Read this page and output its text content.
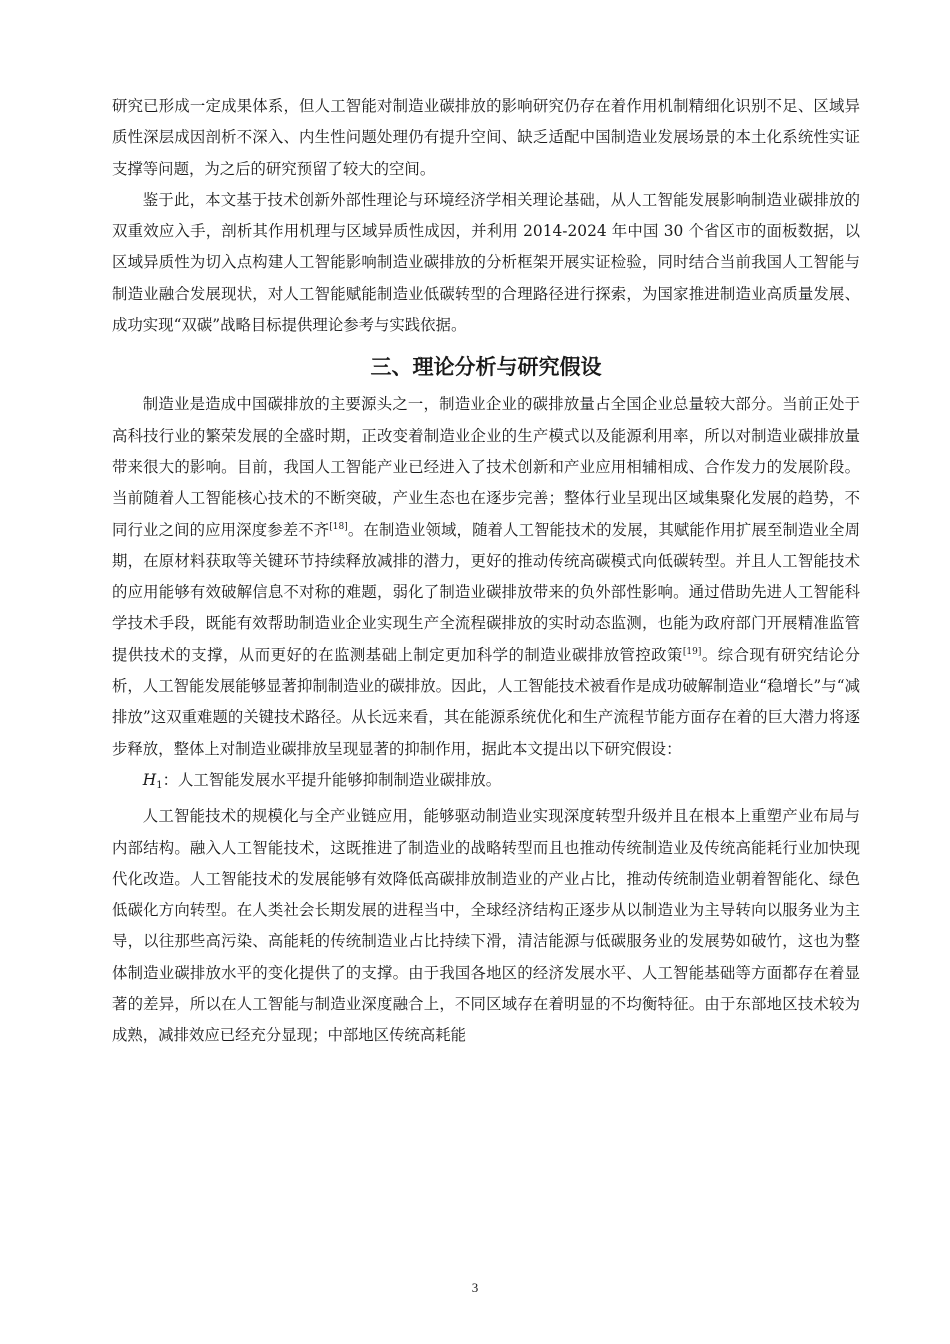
研究已形成一定成果体系，但人工智能对制造业碳排放的影响研究仍存在着作用机制精细化识别不足、区域异质性深层成因剖析不深入、内生性问题处理仍有提升空间、缺乏适配中国制造业发展场景的本土化系统性实证支撑等问题，为之后的研究预留了较大的空间。

鉴于此，本文基于技术创新外部性理论与环境经济学相关理论基础，从人工智能发展影响制造业碳排放的双重效应入手，剖析其作用机理与区域异质性成因，并利用 2014-2024 年中国 30 个省区市的面板数据，以区域异质性为切入点构建人工智能影响制造业碳排放的分析框架开展实证检验，同时结合当前我国人工智能与制造业融合发展现状，对人工智能赋能制造业低碳转型的合理路径进行探索，为国家推进制造业高质量发展、成功实现“双碳”战略目标提供理论参考与实践依据。

三、理论分析与研究假设

制造业是造成中国碳排放的主要源头之一，制造业企业的碳排放量占全国企业总量较大部分。当前正处于高科技行业的繁荣发展的全盛时期，正改变着制造业企业的生产模式以及能源利用率，所以对制造业碳排放量带来很大的影响。目前，我国人工智能产业已经进入了技术创新和产业应用相辅相成、合作发力的发展阶段。当前随着人工智能核心技术的不断突破，产业生态也在逐步完善；整体行业呈现出区域集聚化发展的趋势，不同行业之间的应用深度参差不齐[18]。在制造业领域，随着人工智能技术的发展，其赋能作用扩展至制造业全周期，在原材料获取等关键环节持续释放减排的潜力，更好的推动传统高碳模式向低碳转型。并且人工智能技术的应用能够有效破解信息不对称的难题，弱化了制造业碳排放带来的负外部性影响。通过借助先进人工智能科学技术手段，既能有效帮助制造业企业实现生产全流程碳排放的实时动态监测，也能为政府部门开展精准监管提供技术的支撑，从而更好的在监测基础上制定更加科学的制造业碳排放管控政策[19]。综合现有研究结论分析，人工智能发展能够显著抑制制造业的碳排放。因此，人工智能技术被看作是成功破解制造业“稳增长”与“减排放”这双重难题的关键技术路径。从长远来看，其在能源系统优化和生产流程节能方面存在着的巨大潜力将逐步释放，整体上对制造业碳排放呈现显著的抑制作用，据此本文提出以下研究假设：

H1：人工智能发展水平提升能够抑制制造业碳排放。

人工智能技术的规模化与全产业链应用，能够驱动制造业实现深度转型升级并且在根本上重塑产业布局与内部结构。融入人工智能技术，这既推进了制造业的战略转型而且也推动传统制造业及传统高能耗行业加快现代化改造。人工智能技术的发展能够有效降低高碳排放制造业的产业占比，推动传统制造业朝着智能化、绿色低碳化方向转型。在人类社会长期发展的进程当中，全球经济结构正逐步从以制造业为主导转向以服务业为主导，以往那些高污染、高能耗的传统制造业占比持续下滑，清洁能源与低碳服务业的发展势如破竹，这也为整体制造业碳排放水平的变化提供了的支撑。由于我国各地区的经济发展水平、人工智能基础等方面都存在着显著的差异，所以在人工智能与制造业深度融合上，不同区域存在着明显的不均衡特征。由于东部地区技术较为成熟，减排效应已经充分显现；中部地区传统高耗能

3
